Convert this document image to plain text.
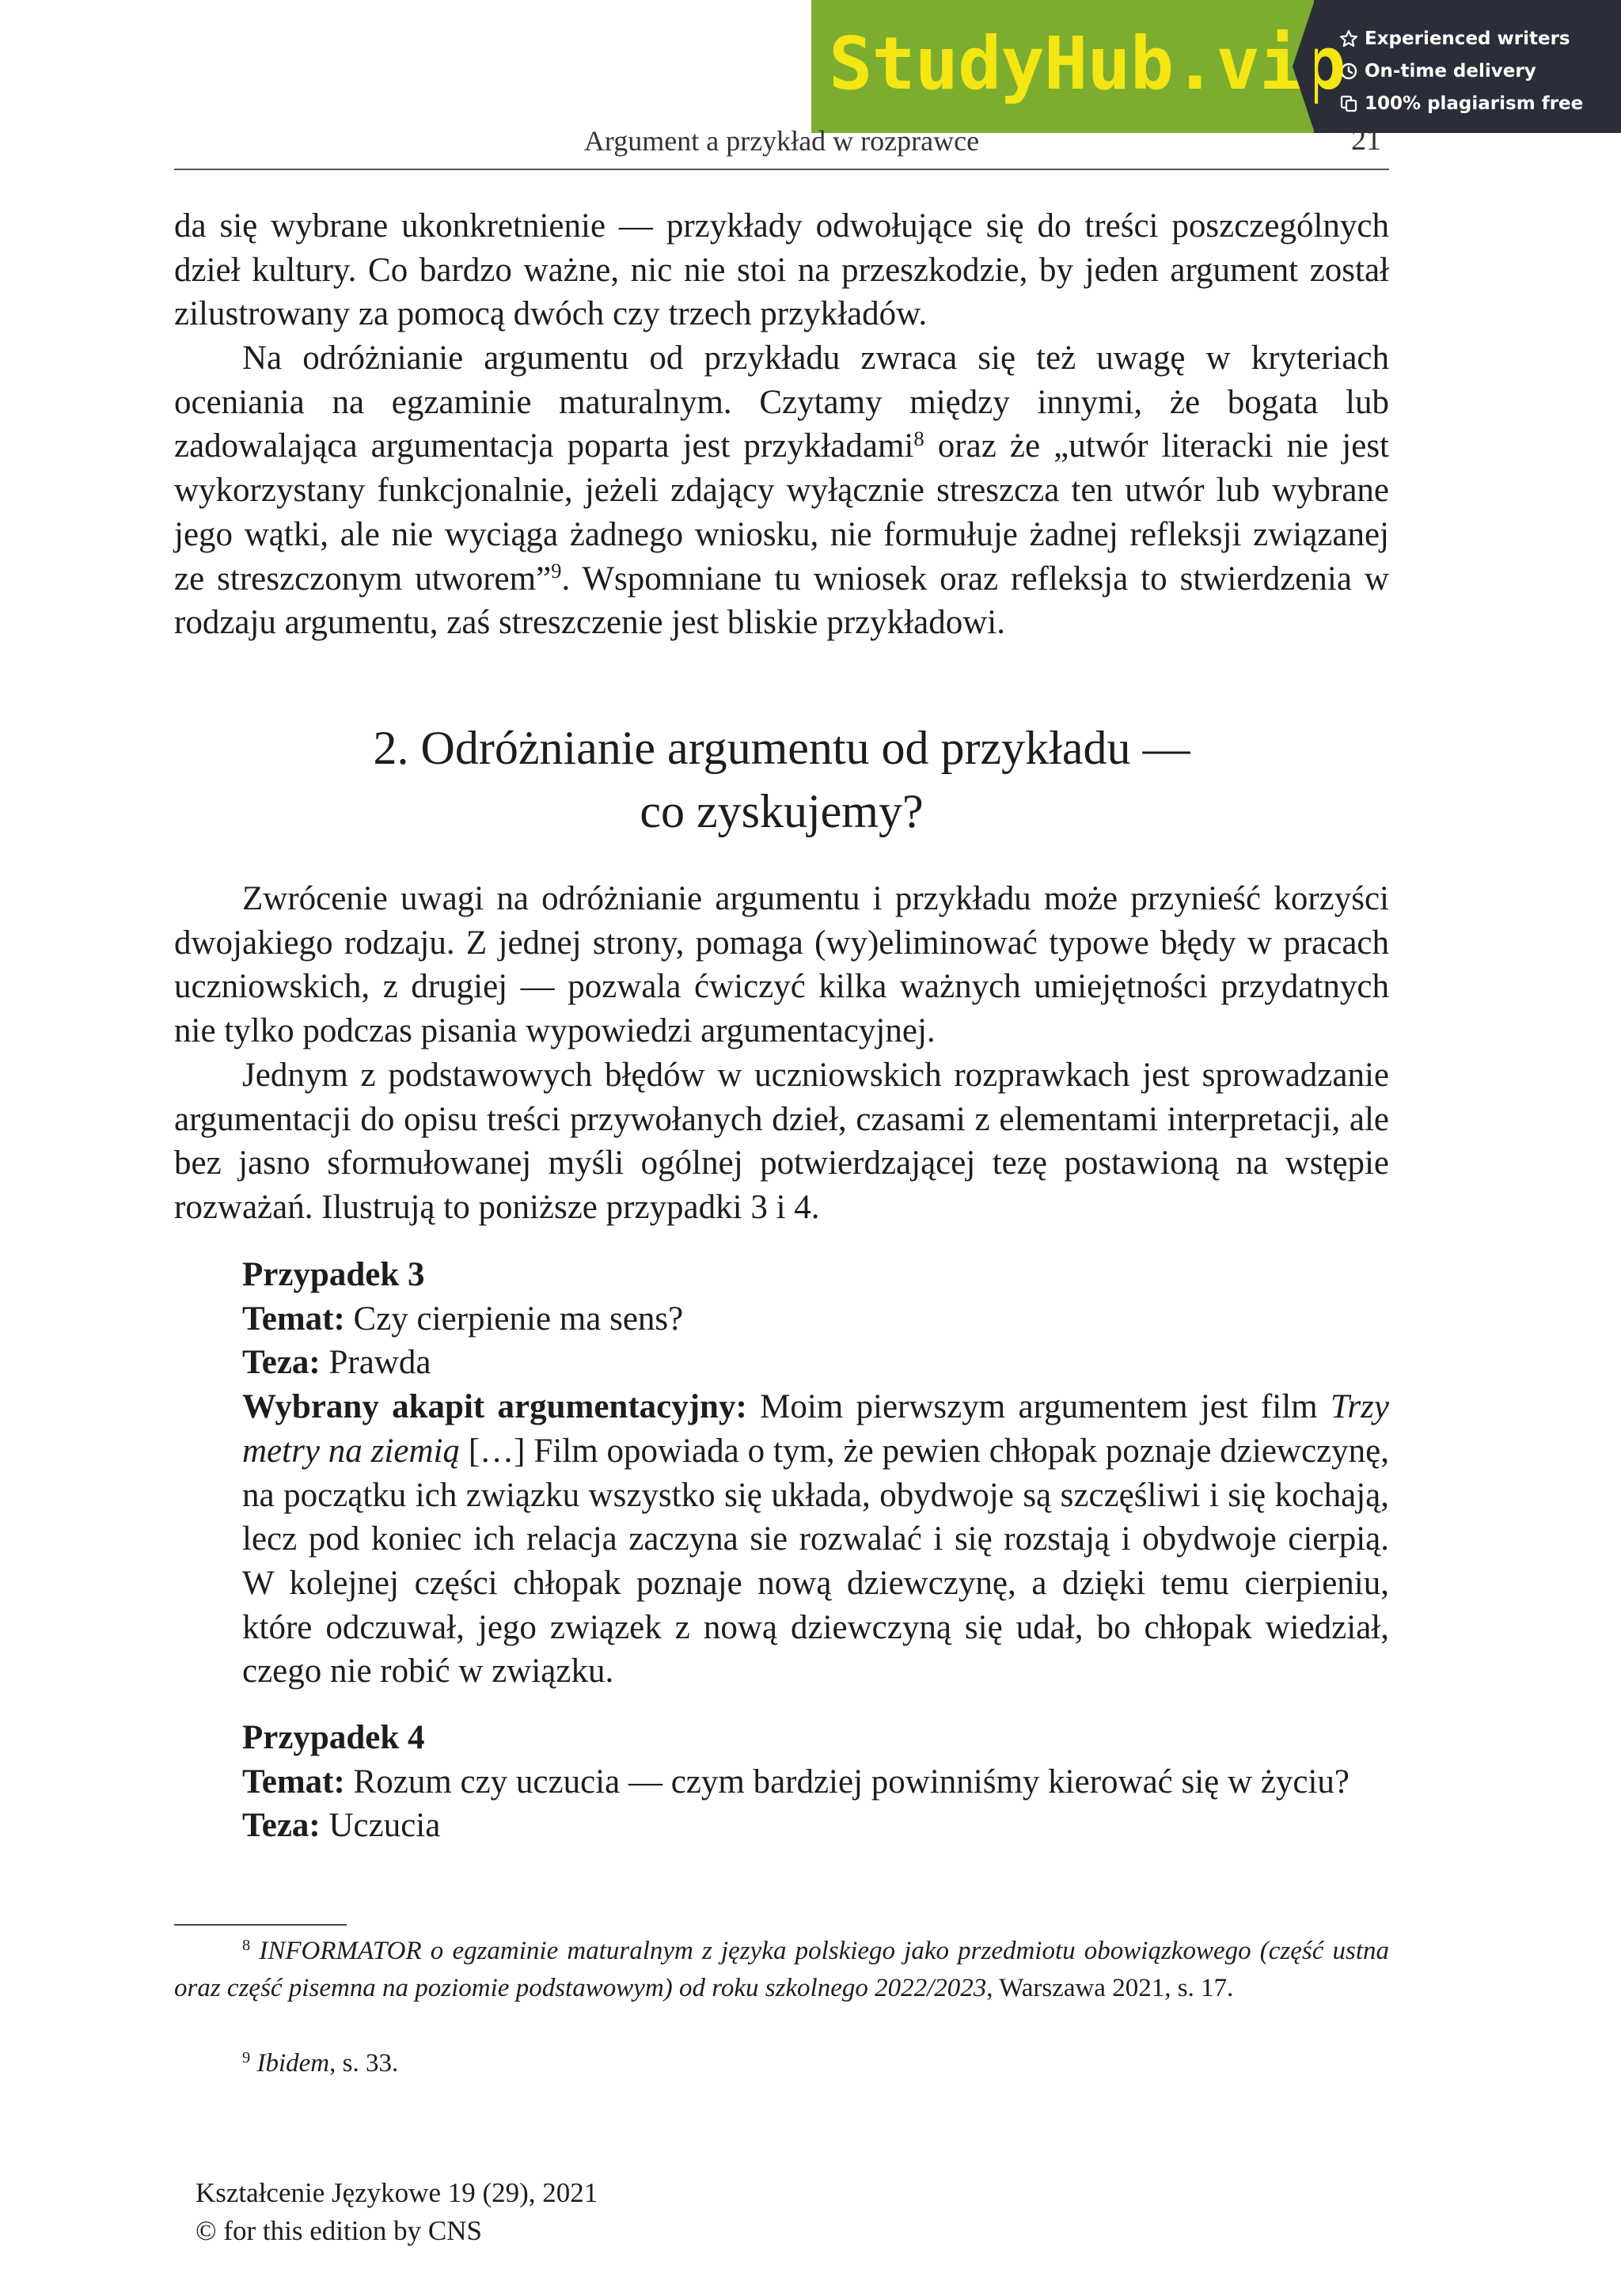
StudyHub.vip Experienced writers
On-time delivery
100% plagiarism free
Argument a przykład w rozprawce	21

da się wybrane ukonkretnienie — przykłady odwołujące się do treści poszczególnych dzieł kultury. Co bardzo ważne, nic nie stoi na przeszkodzie, by jeden argument został zilustrowany za pomocą dwóch czy trzech przykładów.

Na odróżnianie argumentu od przykładu zwraca się też uwagę w kryteriach oceniania na egzaminie maturalnym. Czytamy między innymi, że bogata lub zadowalająca argumentacja poparta jest przykładami$^8$ oraz że „utwór literacki nie jest wykorzystany funkcjonalnie, jeżeli zdający wyłącznie streszcza ten utwór lub wybrane jego wątki, ale nie wyciąga żadnego wniosku, nie formułuje żadnej refleksji związanej ze streszczonym utworem”$^9$. Wspomniane tu wniosek oraz refleksja to stwierdzenia w rodzaju argumentu, zaś streszczenie jest bliskie przykładowi.

2. Odróżnianie argumentu od przykładu —
co zyskujemy?

Zwrócenie uwagi na odróżnianie argumentu i przykładu może przynieść korzyści dwojakiego rodzaju. Z jednej strony, pomaga (wy)eliminować typowe błędy w pracach uczniowskich, z drugiej — pozwala ćwiczyć kilka ważnych umiejętności przydatnych nie tylko podczas pisania wypowiedzi argumentacyjnej.

Jednym z podstawowych błędów w uczniowskich rozprawkach jest sprowadzanie argumentacji do opisu treści przywołanych dzieł, czasami z elementami interpretacji, ale bez jasno sformułowanej myśli ogólnej potwierdzającej tezę postawioną na wstępie rozważań. Ilustrują to poniższe przypadki 3 i 4.

Przypadek 3
Temat: Czy cierpienie ma sens?
Teza: Prawda
Wybrany akapit argumentacyjny: Moim pierwszym argumentem jest film Trzy metry na ziemią […] Film opowiada o tym, że pewien chłopak poznaje dziewczynę, na początku ich związku wszystko się układa, obydwoje są szczęśliwi i się kochają, lecz pod koniec ich relacja zaczyna sie rozwalać i się rozstają i obydwoje cierpią. W kolejnej części chłopak poznaje nową dziewczynę, a dzięki temu cierpieniu, które odczuwał, jego związek z nową dziewczyną się udał, bo chłopak wiedział, czego nie robić w związku.
Przypadek 4
Temat: Rozum czy uczucia — czym bardziej powinniśmy kierować się w życiu?
Teza: Uczucia

$^8$ INFORMATOR o egzaminie maturalnym z języka polskiego jako przedmiotu obowiązkowego (część ustna oraz część pisemna na poziomie podstawowym) od roku szkolnego 2022/2023, Warszawa 2021, s. 17.

$^9$ Ibidem, s. 33.

Kształcenie Językowe 19 (29), 2021
© for this edition by CNS
